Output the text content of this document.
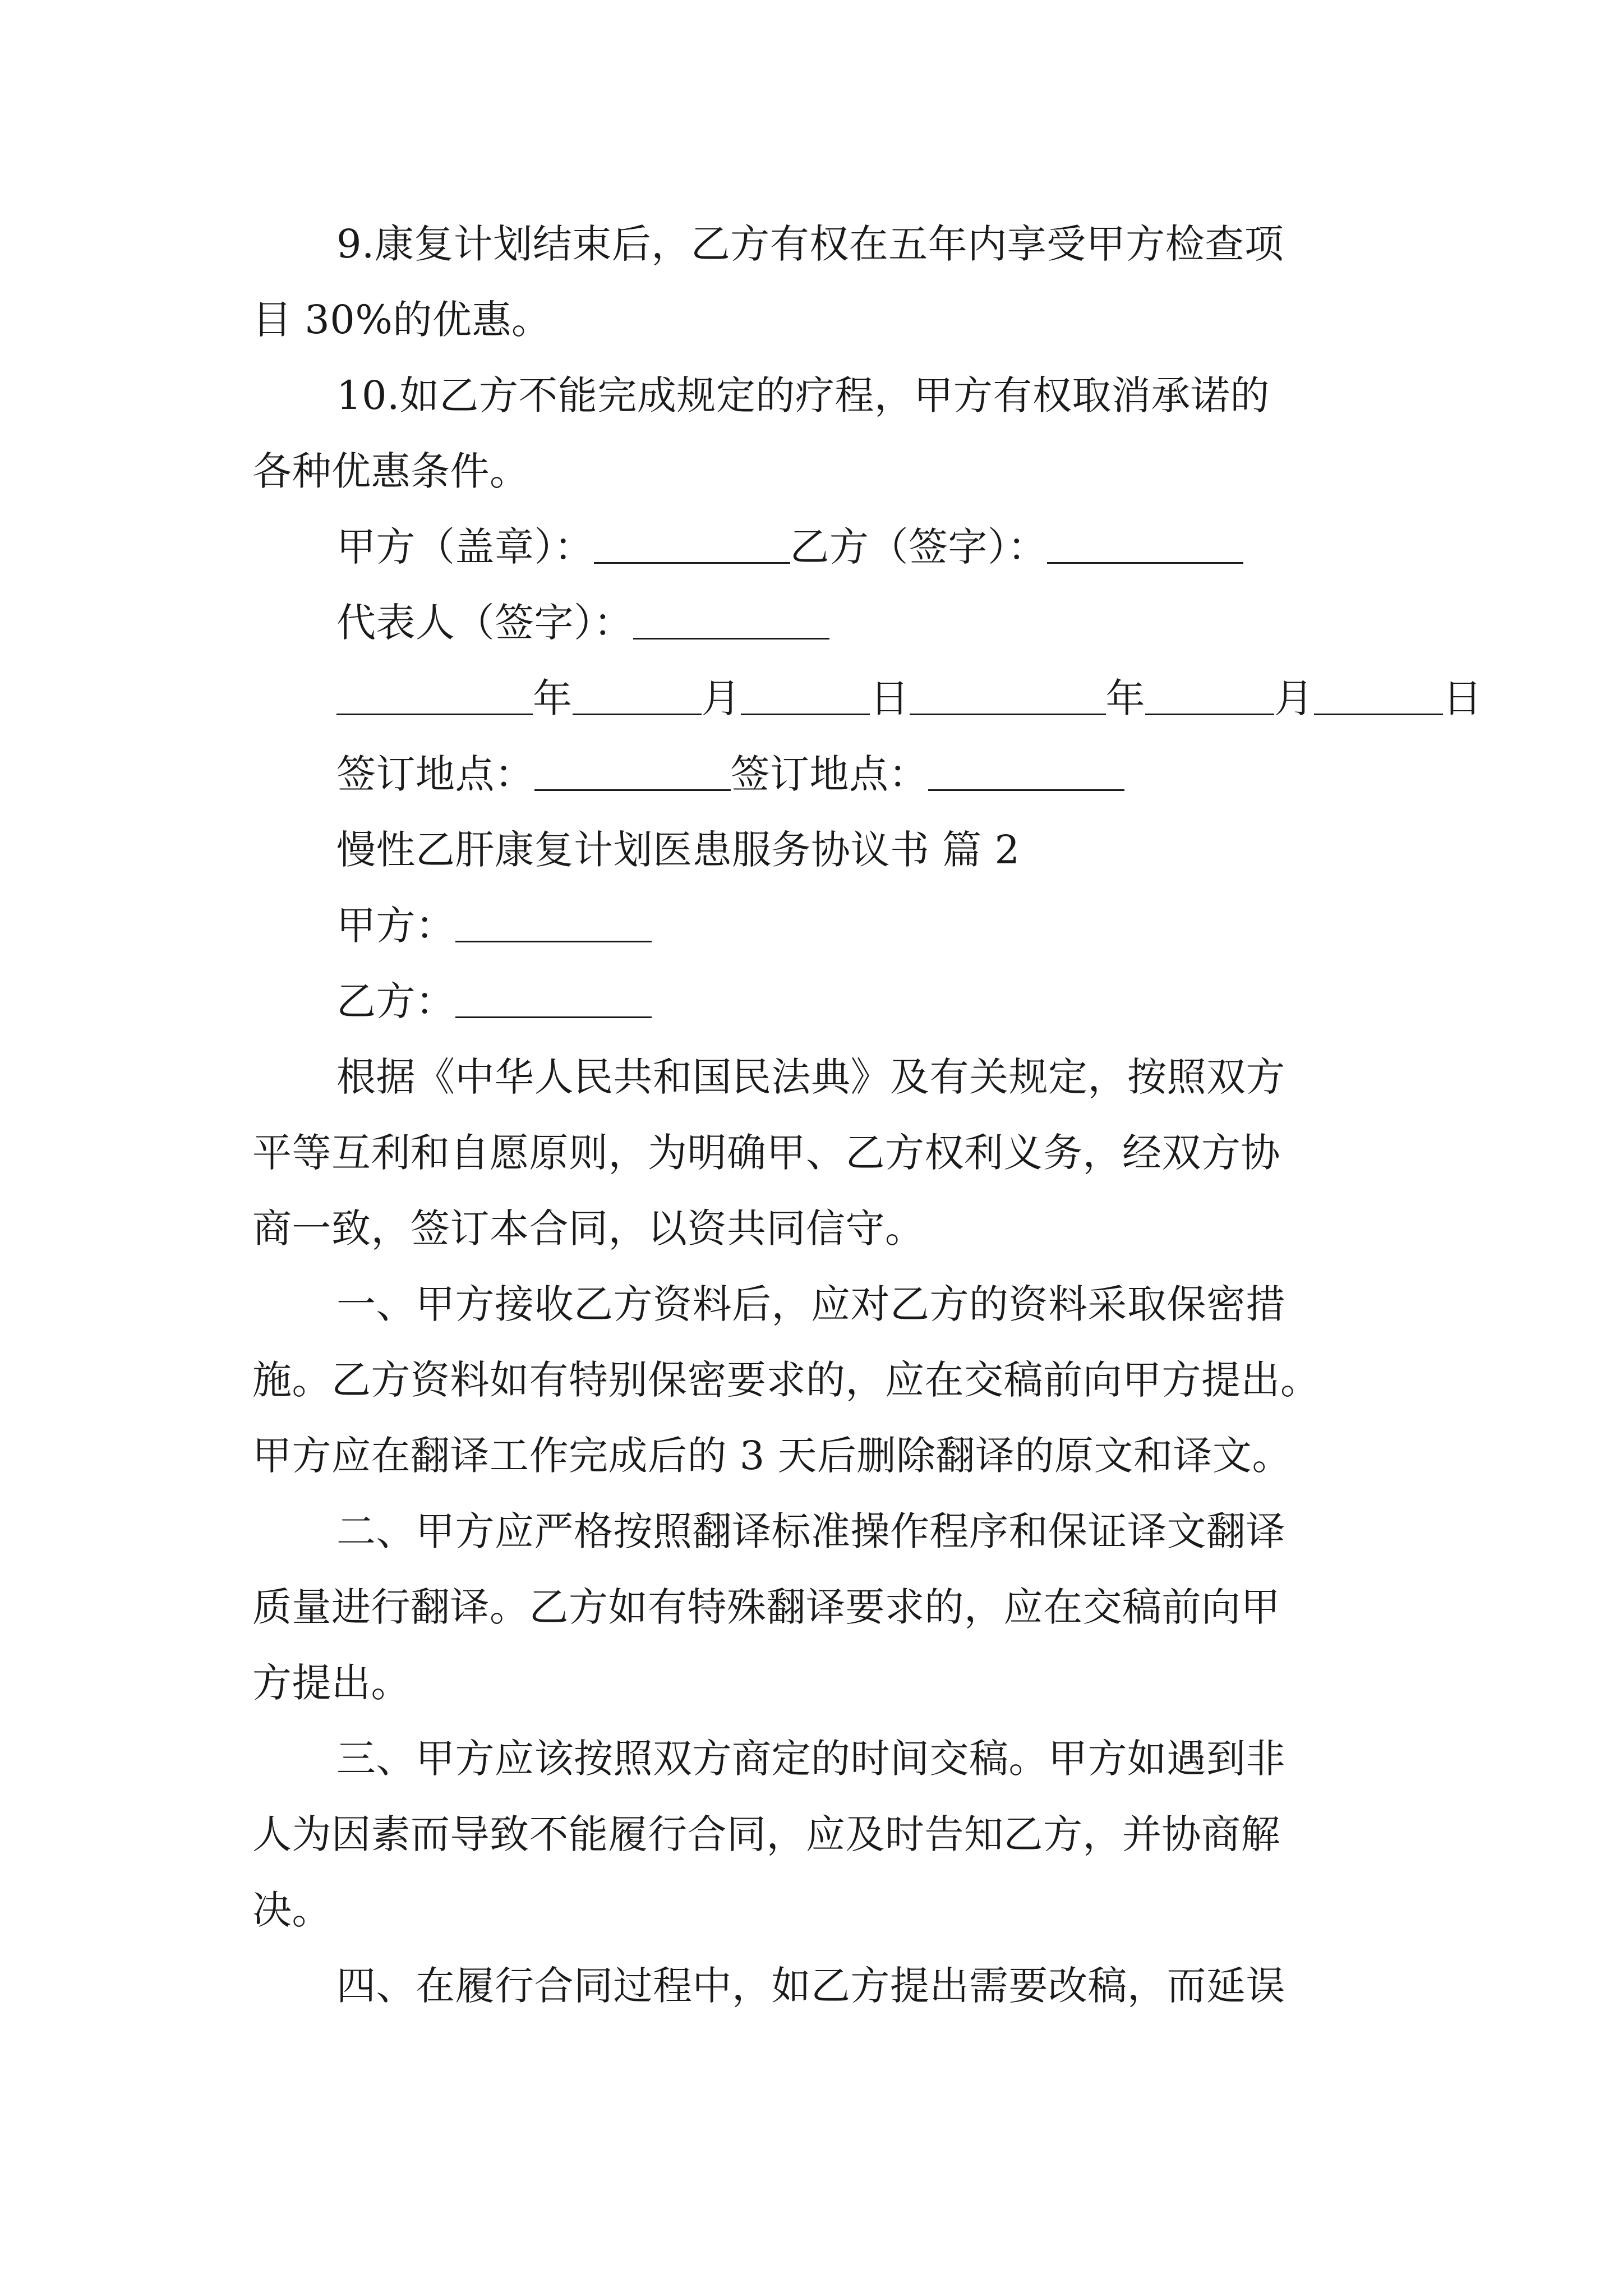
9.康复计划结束后，乙方有权在五年内享受甲方检查项
目 30%的优惠。
10.如乙方不能完成规定的疗程，甲方有权取消承诺的
各种优惠条件。
甲方（盖章）：	乙方（签字）：
代表人（签字）：
年	月	日	年	月	日
签订地点：	签订地点：
慢性乙肝康复计划医患服务协议书 篇 2
甲方：
乙方：
根据《中华人民共和国民法典》及有关规定，按照双方
平等互利和自愿原则，为明确甲、乙方权利义务，经双方协
商一致，签订本合同，以资共同信守。
一、甲方接收乙方资料后，应对乙方的资料采取保密措
施。乙方资料如有特别保密要求的，应在交稿前向甲方提出。
甲方应在翻译工作完成后的 3 天后删除翻译的原文和译文。
二、甲方应严格按照翻译标准操作程序和保证译文翻译
质量进行翻译。乙方如有特殊翻译要求的，应在交稿前向甲
方提出。
三、甲方应该按照双方商定的时间交稿。甲方如遇到非
人为因素而导致不能履行合同，应及时告知乙方，并协商解
决。
四、在履行合同过程中，如乙方提出需要改稿，而延误
